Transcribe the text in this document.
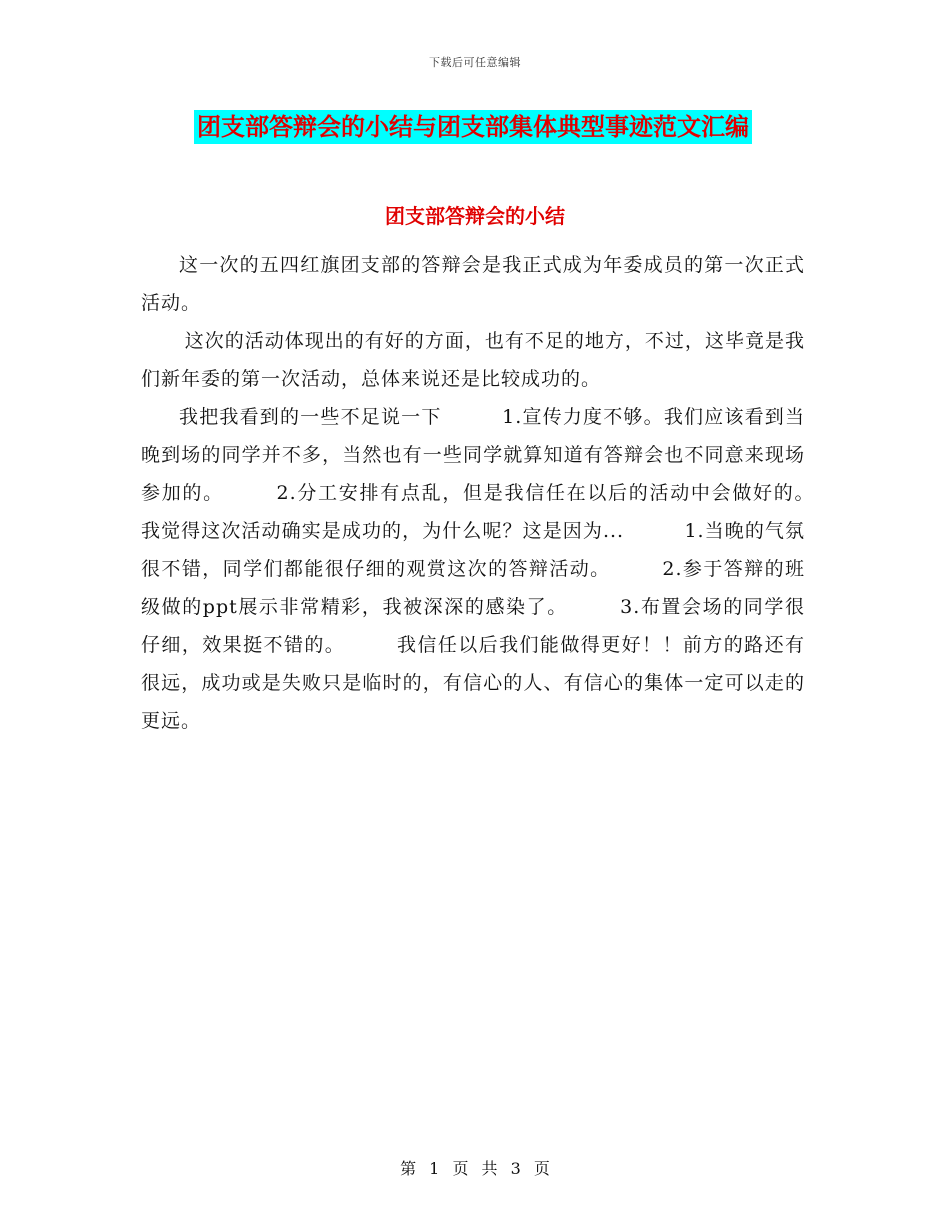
下载后可任意编辑
团支部答辩会的小结与团支部集体典型事迹范文汇编
团支部答辩会的小结

这一次的五四红旗团支部的答辩会是我正式成为年委成员的第一次正式活动。

这次的活动体现出的有好的方面，也有不足的地方，不过，这毕竟是我们新年委的第一次活动，总体来说还是比较成功的。

我把我看到的一些不足说一下　　　1.宣传力度不够。我们应该看到当晚到场的同学并不多，当然也有一些同学就算知道有答辩会也不同意来现场参加的。　　　2.分工安排有点乱，但是我信任在以后的活动中会做好的。　　　我觉得这次活动确实是成功的，为什么呢？这是因为...　　　1.当晚的气氛很不错，同学们都能很仔细的观赏这次的答辩活动。　　　2.参于答辩的班级做的ppt展示非常精彩，我被深深的感染了。　　　3.布置会场的同学很仔细，效果挺不错的。　　　我信任以后我们能做得更好！！前方的路还有很远，成功或是失败只是临时的，有信心的人、有信心的集体一定可以走的更远。

第 1 页 共 3 页
